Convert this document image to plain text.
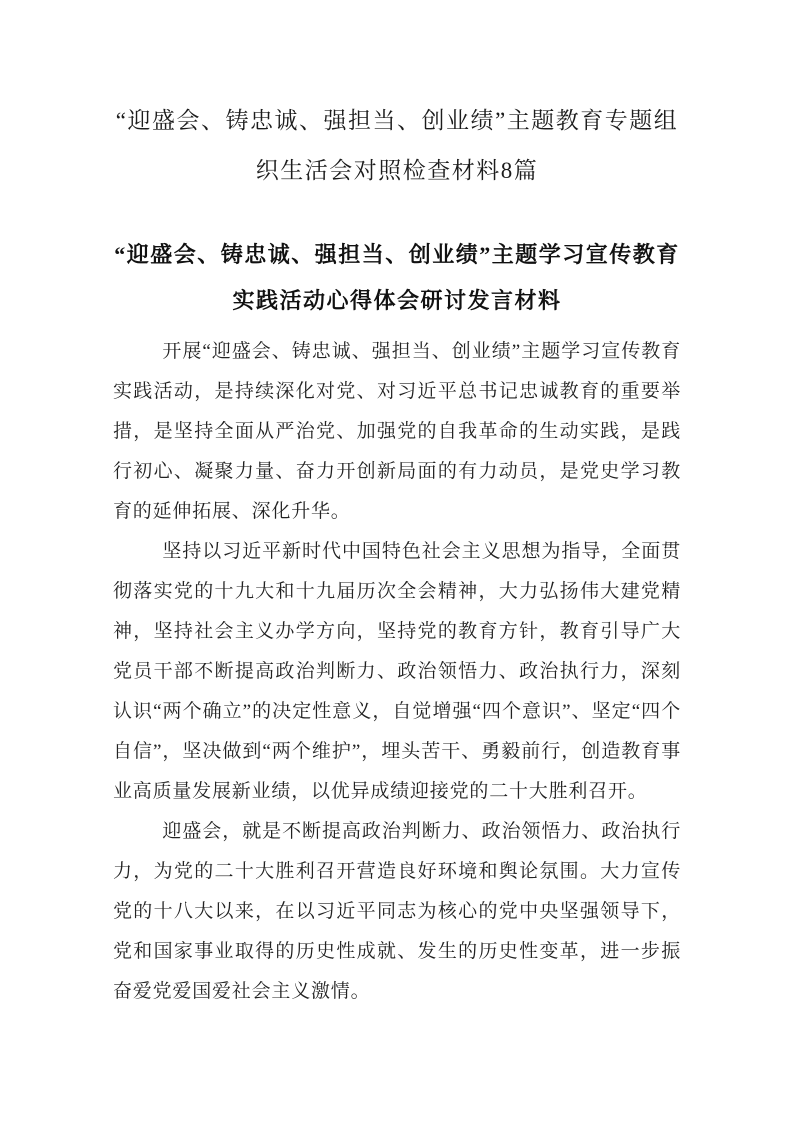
“迎盛会、铸忠诚、强担当、创业绩”主题教育专题组织生活会对照检查材料8篇
“迎盛会、铸忠诚、强担当、创业绩”主题学习宣传教育实践活动心得体会研讨发言材料

开展“迎盛会、铸忠诚、强担当、创业绩”主题学习宣传教育实践活动，是持续深化对党、对习近平总书记忠诚教育的重要举措，是坚持全面从严治党、加强党的自我革命的生动实践，是践行初心、凝聚力量、奋力开创新局面的有力动员，是党史学习教育的延伸拓展、深化升华。

坚持以习近平新时代中国特色社会主义思想为指导，全面贯彻落实党的十九大和十九届历次全会精神，大力弘扬伟大建党精神，坚持社会主义办学方向，坚持党的教育方针，教育引导广大党员干部不断提高政治判断力、政治领悟力、政治执行力，深刻认识“两个确立”的决定性意义，自觉增强“四个意识”、坚定“四个自信”，坚决做到“两个维护”，埋头苦干、勇毅前行，创造教育事业高质量发展新业绩，以优异成绩迎接党的二十大胜利召开。

迎盛会，就是不断提高政治判断力、政治领悟力、政治执行力，为党的二十大胜利召开营造良好环境和舆论氛围。大力宣传党的十八大以来，在以习近平同志为核心的党中央坚强领导下，党和国家事业取得的历史性成就、发生的历史性变革，进一步振奋爱党爱国爱社会主义激情。
